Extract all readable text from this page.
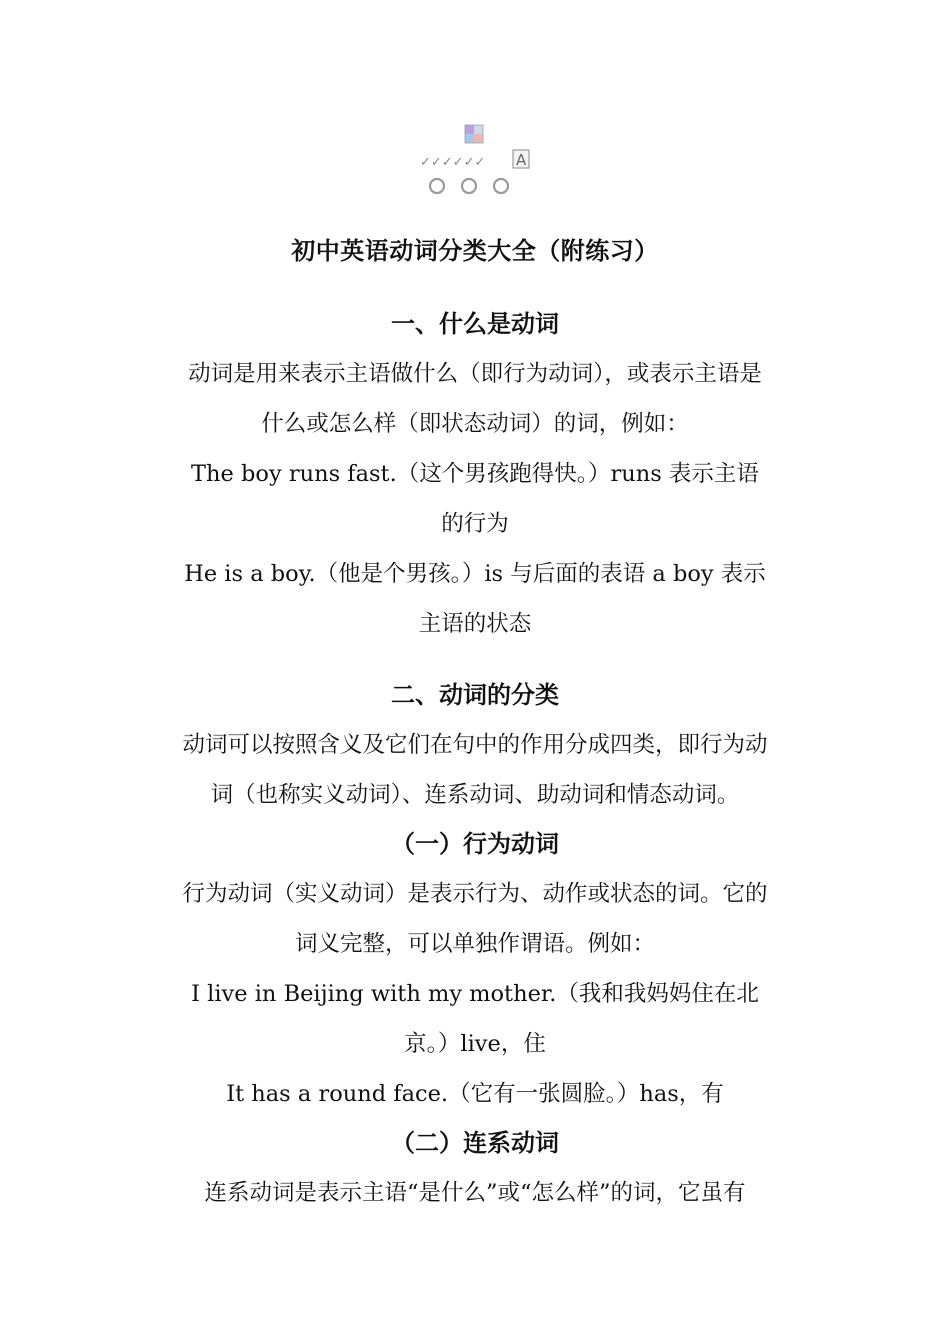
✓✓✓✓✓✓ A
初中英语动词分类大全（附练习）
一、什么是动词
动词是用来表示主语做什么（即行为动词），或表示主语是
什么或怎么样（即状态动词）的词，例如：
The boy runs fast.（这个男孩跑得快。）runs 表示主语
的行为
He is a boy.（他是个男孩。）is 与后面的表语 a boy 表示
主语的状态
二、动词的分类
动词可以按照含义及它们在句中的作用分成四类，即行为动
词（也称实义动词）、连系动词、助动词和情态动词。
（一）行为动词
行为动词（实义动词）是表示行为、动作或状态的词。它的
词义完整，可以单独作谓语。例如：
I live in Beijing with my mother.（我和我妈妈住在北
京。）live，住
It has a round face.（它有一张圆脸。）has，有
（二）连系动词
连系动词是表示主语“是什么”或“怎么样”的词，它虽有
